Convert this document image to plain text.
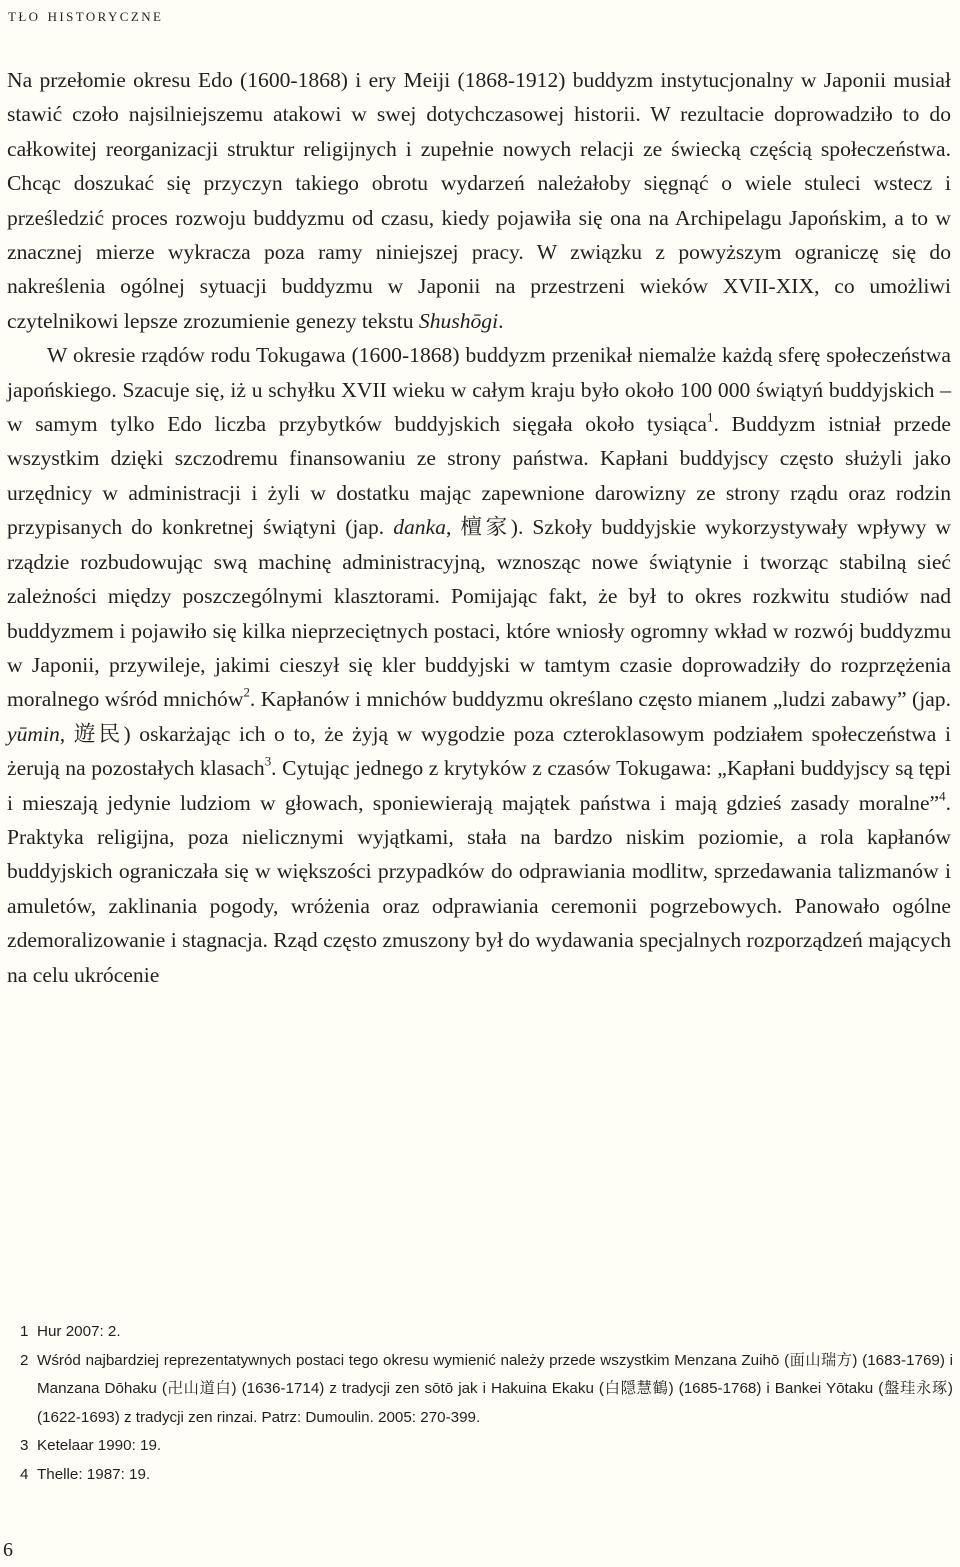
tło historyczne

Na przełomie okresu Edo (1600-1868) i ery Meiji (1868-1912) buddyzm instytucjonalny w Japonii musiał stawić czoło najsilniejszemu atakowi w swej dotychczasowej historii. W rezultacie doprowadziło to do całkowitej reorganizacji struktur religijnych i zupełnie nowych relacji ze świecką częścią społeczeństwa. Chcąc doszukać się przyczyn takiego obrotu wydarzeń należałoby sięgnąć o wiele stuleci wstecz i prześledzić proces rozwoju buddyzmu od czasu, kiedy pojawiła się ona na Archipelagu Japońskim, a to w znacznej mierze wykracza poza ramy niniejszej pracy. W związku z powyższym ograniczę się do nakreślenia ogólnej sytuacji buddyzmu w Japonii na przestrzeni wieków XVII-XIX, co umożliwi czytelnikowi lepsze zrozumienie genezy tekstu Shushōgi.

W okresie rządów rodu Tokugawa (1600-1868) buddyzm przenikał niemalże każdą sferę społeczeństwa japońskiego. Szacuje się, iż u schyłku XVII wieku w całym kraju było około 100 000 świątyń buddyjskich – w samym tylko Edo liczba przybytków buddyjskich sięgała około tysiąca$^1$. Buddyzm istniał przede wszystkim dzięki szczodremu finansowaniu ze strony państwa. Kapłani buddyjscy często służyli jako urzędnicy w administracji i żyli w dostatku mając zapewnione darowizny ze strony rządu oraz rodzin przypisanych do konkretnej świątyni (jap. danka, 檀家). Szkoły buddyjskie wykorzystywały wpływy w rządzie rozbudowując swą machinę administracyjną, wznosząc nowe świątynie i tworząc stabilną sieć zależności między poszczególnymi klasztorami. Pomijając fakt, że był to okres rozkwitu studiów nad buddyzmem i pojawiło się kilka nieprzeciętnych postaci, które wniosły ogromny wkład w rozwój buddyzmu w Japonii, przywileje, jakimi cieszył się kler buddyjski w tamtym czasie doprowadziły do rozprzężenia moralnego wśród mnichów$^2$. Kapłanów i mnichów buddyzmu określano często mianem „ludzi zabawy” (jap. yūmin, 遊民) oskarżając ich o to, że żyją w wygodzie poza czteroklasowym podziałem społeczeństwa i żerują na pozostałych klasach$^3$. Cytując jednego z krytyków z czasów Tokugawa: „Kapłani buddyjscy są tępi i mieszają jedynie ludziom w głowach, sponiewierają majątek państwa i mają gdzieś zasady moralne”$^4$. Praktyka religijna, poza nielicznymi wyjątkami, stała na bardzo niskim poziomie, a rola kapłanów buddyjskich ograniczała się w większości przypadków do odprawiania modlitw, sprzedawania talizmanów i amuletów, zaklinania pogody, wróżenia oraz odprawiania ceremonii pogrzebowych. Panowało ogólne zdemoralizowanie i stagnacja. Rząd często zmuszony był do wydawania specjalnych rozporządzeń mających na celu ukrócenie

1 Hur 2007: 2.
2 Wśród najbardziej reprezentatywnych postaci tego okresu wymienić należy przede wszystkim Menzana Zuihō (面山瑞方) (1683-1769) i Manzana Dōhaku (卍山道白) (1636-1714) z tradycji zen sōtō jak i Hakuina Ekaku (白隠慧鶴) (1685-1768) i Bankei Yōtaku (盤珪永琢) (1622-1693) z tradycji zen rinzai. Patrz: Dumoulin. 2005: 270-399.
3 Ketelaar 1990: 19.
4 Thelle: 1987: 19.
6
